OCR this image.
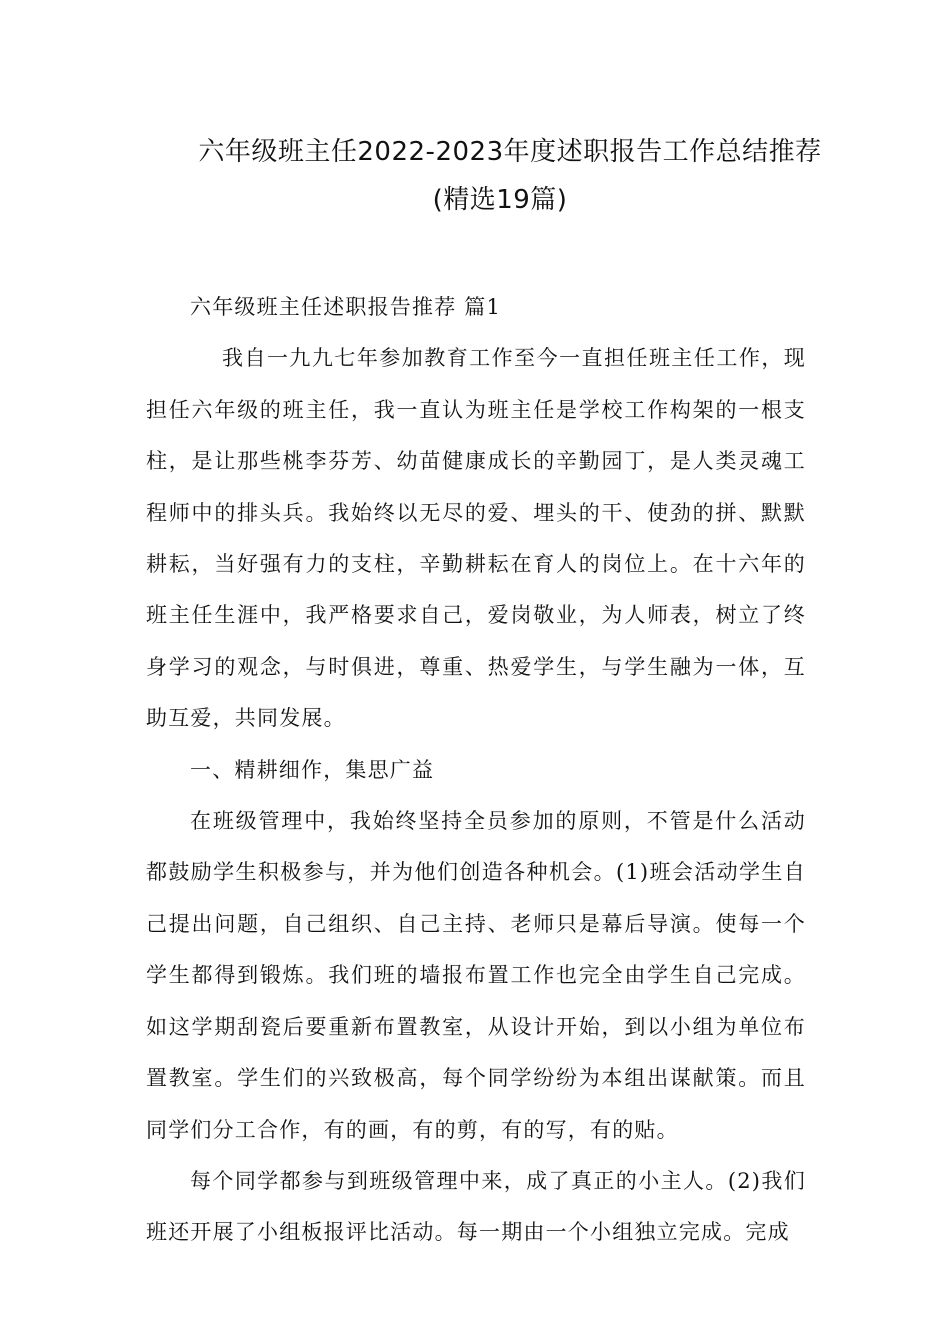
六年级班主任2022-2023年度述职报告工作总结推荐
(精选19篇)

六年级班主任述职报告推荐 篇1

我自一九九七年参加教育工作至今一直担任班主任工作，现担任六年级的班主任，我一直认为班主任是学校工作构架的一根支柱，是让那些桃李芬芳、幼苗健康成长的辛勤园丁，是人类灵魂工程师中的排头兵。我始终以无尽的爱、埋头的干、使劲的拼、默默耕耘，当好强有力的支柱，辛勤耕耘在育人的岗位上。在十六年的班主任生涯中，我严格要求自己，爱岗敬业，为人师表，树立了终身学习的观念，与时俱进，尊重、热爱学生，与学生融为一体，互助互爱，共同发展。

一、精耕细作，集思广益

在班级管理中，我始终坚持全员参加的原则，不管是什么活动都鼓励学生积极参与，并为他们创造各种机会。(1)班会活动学生自己提出问题，自己组织、自己主持、老师只是幕后导演。使每一个学生都得到锻炼。我们班的墙报布置工作也完全由学生自己完成。如这学期刮瓷后要重新布置教室，从设计开始，到以小组为单位布置教室。学生们的兴致极高，每个同学纷纷为本组出谋献策。而且同学们分工合作，有的画，有的剪，有的写，有的贴。

每个同学都参与到班级管理中来，成了真正的小主人。(2)我们班还开展了小组板报评比活动。每一期由一个小组独立完成。完成
